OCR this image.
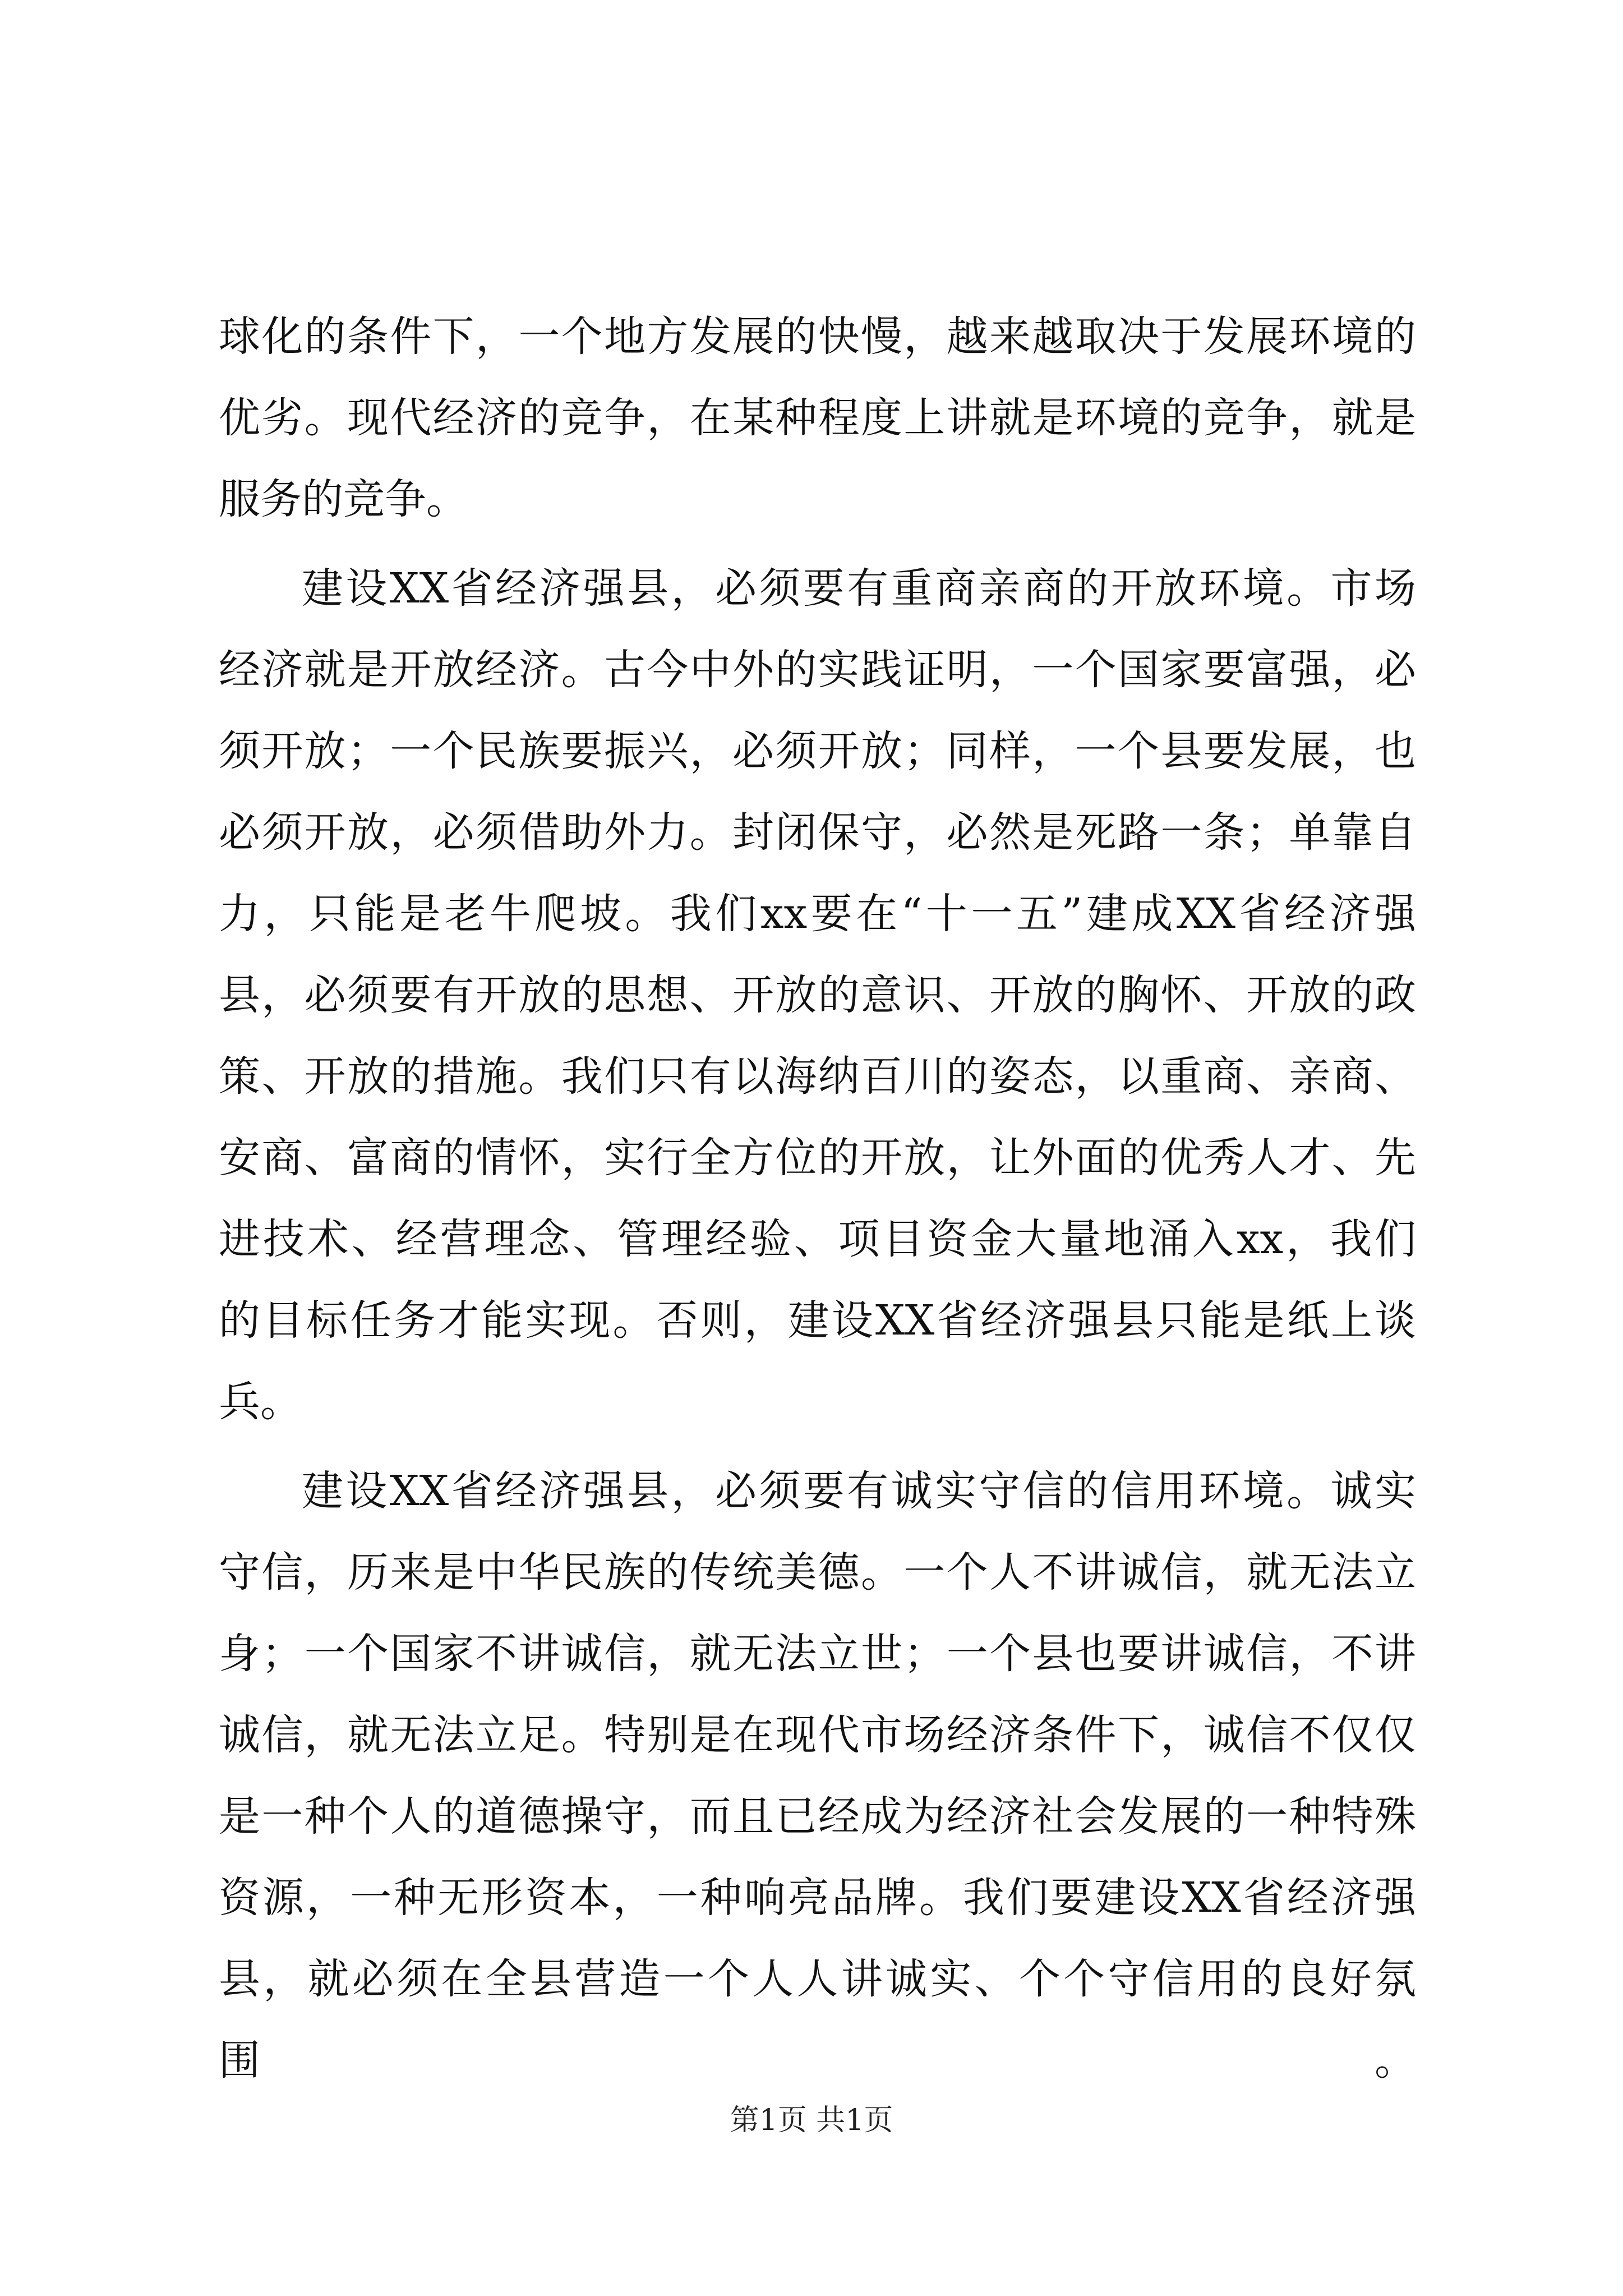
球化的条件下，一个地方发展的快慢，越来越取决于发展环境的
优劣。现代经济的竞争，在某种程度上讲就是环境的竞争，就是
服务的竞争。
建设XX省经济强县，必须要有重商亲商的开放环境。市场
经济就是开放经济。古今中外的实践证明，一个国家要富强，必
须开放；一个民族要振兴，必须开放；同样，一个县要发展，也
必须开放，必须借助外力。封闭保守，必然是死路一条；单靠自
力，只能是老牛爬坡。我们xx要在“十一五”建成XX省经济强
县，必须要有开放的思想、开放的意识、开放的胸怀、开放的政
策、开放的措施。我们只有以海纳百川的姿态，以重商、亲商、
安商、富商的情怀，实行全方位的开放，让外面的优秀人才、先
进技术、经营理念、管理经验、项目资金大量地涌入xx，我们
的目标任务才能实现。否则，建设XX省经济强县只能是纸上谈
兵。
建设XX省经济强县，必须要有诚实守信的信用环境。诚实
守信，历来是中华民族的传统美德。一个人不讲诚信，就无法立
身；一个国家不讲诚信，就无法立世；一个县也要讲诚信，不讲
诚信，就无法立足。特别是在现代市场经济条件下，诚信不仅仅
是一种个人的道德操守，而且已经成为经济社会发展的一种特殊
资源，一种无形资本，一种响亮品牌。我们要建设XX省经济强
县，就必须在全县营造一个人人讲诚实、个个守信用的良好氛围。
第1页 共1页
